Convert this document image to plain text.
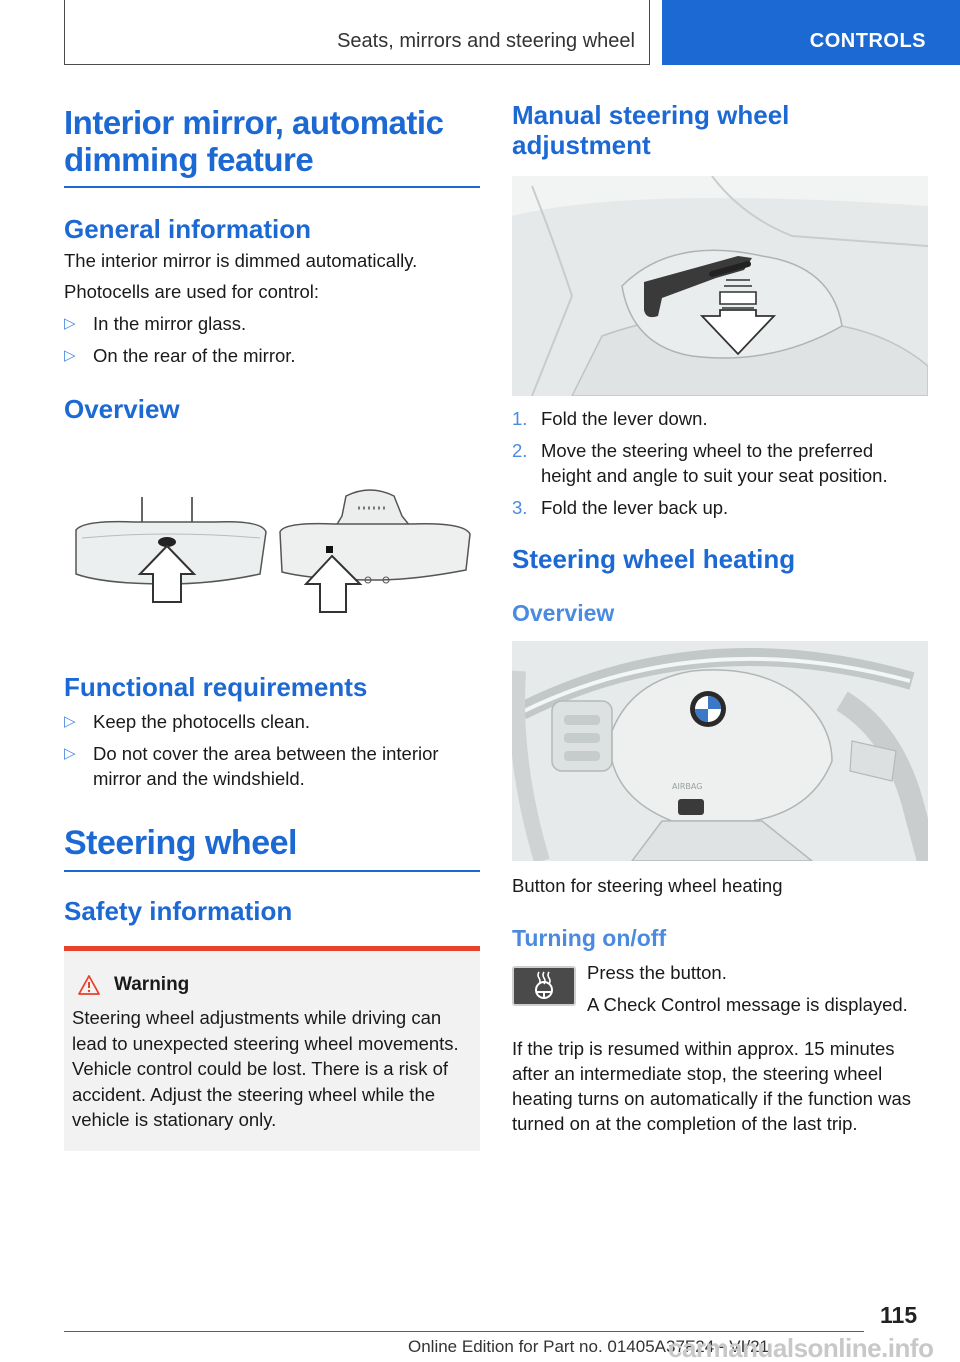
Seats, mirrors and steering wheel	CONTROLS
Interior mirror, automatic dimming feature
General information

The interior mirror is dimmed automatically.

Photocells are used for control:

▷ In the mirror glass.
▷ On the rear of the mirror.
Overview
Functional requirements
▷ Keep the photocells clean.
▷ Do not cover the area between the interior mirror and the windshield.
Steering wheel
Safety information
Warning

Steering wheel adjustments while driving can lead to unexpected steering wheel movements. Vehicle control could be lost. There is a risk of accident. Adjust the steering wheel while the vehicle is stationary only.

Manual steering wheel adjustment
1. Fold the lever down.
2. Move the steering wheel to the preferred height and angle to suit your seat position.
3. Fold the lever back up.
Steering wheel heating
Overview
AIRBAG

Button for steering wheel heating

Turning on/off

Press the button.

A Check Control message is displayed.

If the trip is resumed within approx. 15 minutes after an intermediate stop, the steering wheel heating turns on automatically if the function was turned on at the completion of the last trip.

115
Online Edition for Part no. 01405A37F24 - VI/21
carmanualsonline.info
